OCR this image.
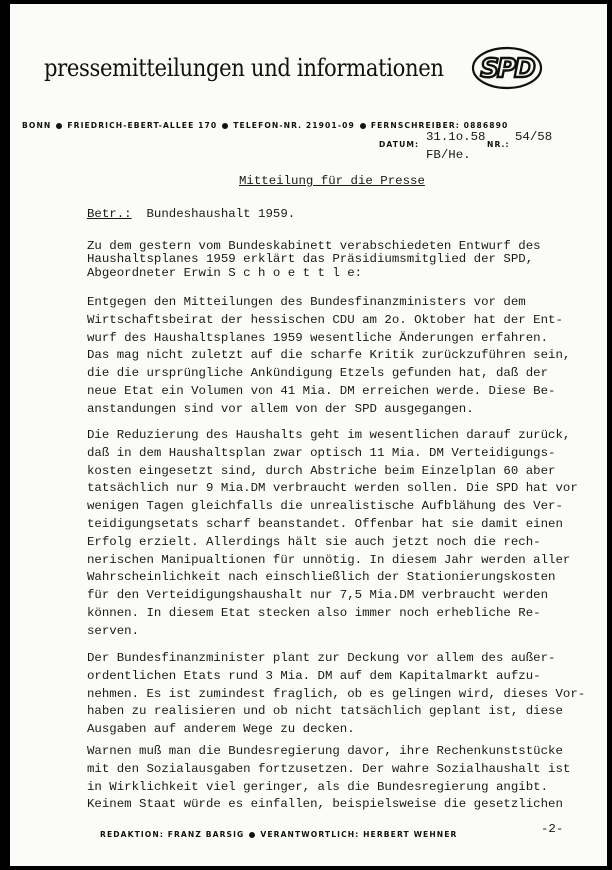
pressemitteilungen und informationen SPD
BONN FRIEDRICH-EBERT-ALLEE 170 TELEFON-NR. 21901-09 FERNSCHREIBER: 0886890
DATUM:
31.1o.58
NR.:
54/58
FB/He.
Mitteilung für die Presse
Betr.: Bundeshaushalt 1959.
Zu dem gestern vom Bundeskabinett verabschiedeten Entwurf des
Haushaltsplanes 1959 erklärt das Präsidiumsmitglied der SPD,
Abgeordneter Erwin S c h o e t t l e:
Entgegen den Mitteilungen des Bundesfinanzministers vor dem
Wirtschaftsbeirat der hessischen CDU am 2o. Oktober hat der Ent-
wurf des Haushaltsplanes 1959 wesentliche Änderungen erfahren.
Das mag nicht zuletzt auf die scharfe Kritik zurückzuführen sein,
die die ursprüngliche Ankündigung Etzels gefunden hat, daß der
neue Etat ein Volumen von 41 Mia. DM erreichen werde. Diese Be-
anstandungen sind vor allem von der SPD ausgegangen.
Die Reduzierung des Haushalts geht im wesentlichen darauf zurück,
daß in dem Haushaltsplan zwar optisch 11 Mia. DM Verteidigungs-
kosten eingesetzt sind, durch Abstriche beim Einzelplan 60 aber
tatsächlich nur 9 Mia.DM verbraucht werden sollen. Die SPD hat vor
wenigen Tagen gleichfalls die unrealistische Aufblähung des Ver-
teidigungsetats scharf beanstandet. Offenbar hat sie damit einen
Erfolg erzielt. Allerdings hält sie auch jetzt noch die rech-
nerischen Manipualtionen für unnötig. In diesem Jahr werden aller
Wahrscheinlichkeit nach einschließlich der Stationierungskosten
für den Verteidigungshaushalt nur 7,5 Mia.DM verbraucht werden
können. In diesem Etat stecken also immer noch erhebliche Re-
serven.
Der Bundesfinanzminister plant zur Deckung vor allem des außer-
ordentlichen Etats rund 3 Mia. DM auf dem Kapitalmarkt aufzu-
nehmen. Es ist zumindest fraglich, ob es gelingen wird, dieses Vor-
haben zu realisieren und ob nicht tatsächlich geplant ist, diese
Ausgaben auf anderem Wege zu decken.
Warnen muß man die Bundesregierung davor, ihre Rechenkunststücke
mit den Sozialausgaben fortzusetzen. Der wahre Sozialhaushalt ist
in Wirklichkeit viel geringer, als die Bundesregierung angibt.
Keinem Staat würde es einfallen, beispielsweise die gesetzlichen
REDAKTION: FRANZ BARSIG VERANTWORTLICH: HERBERT WEHNER	-2-
